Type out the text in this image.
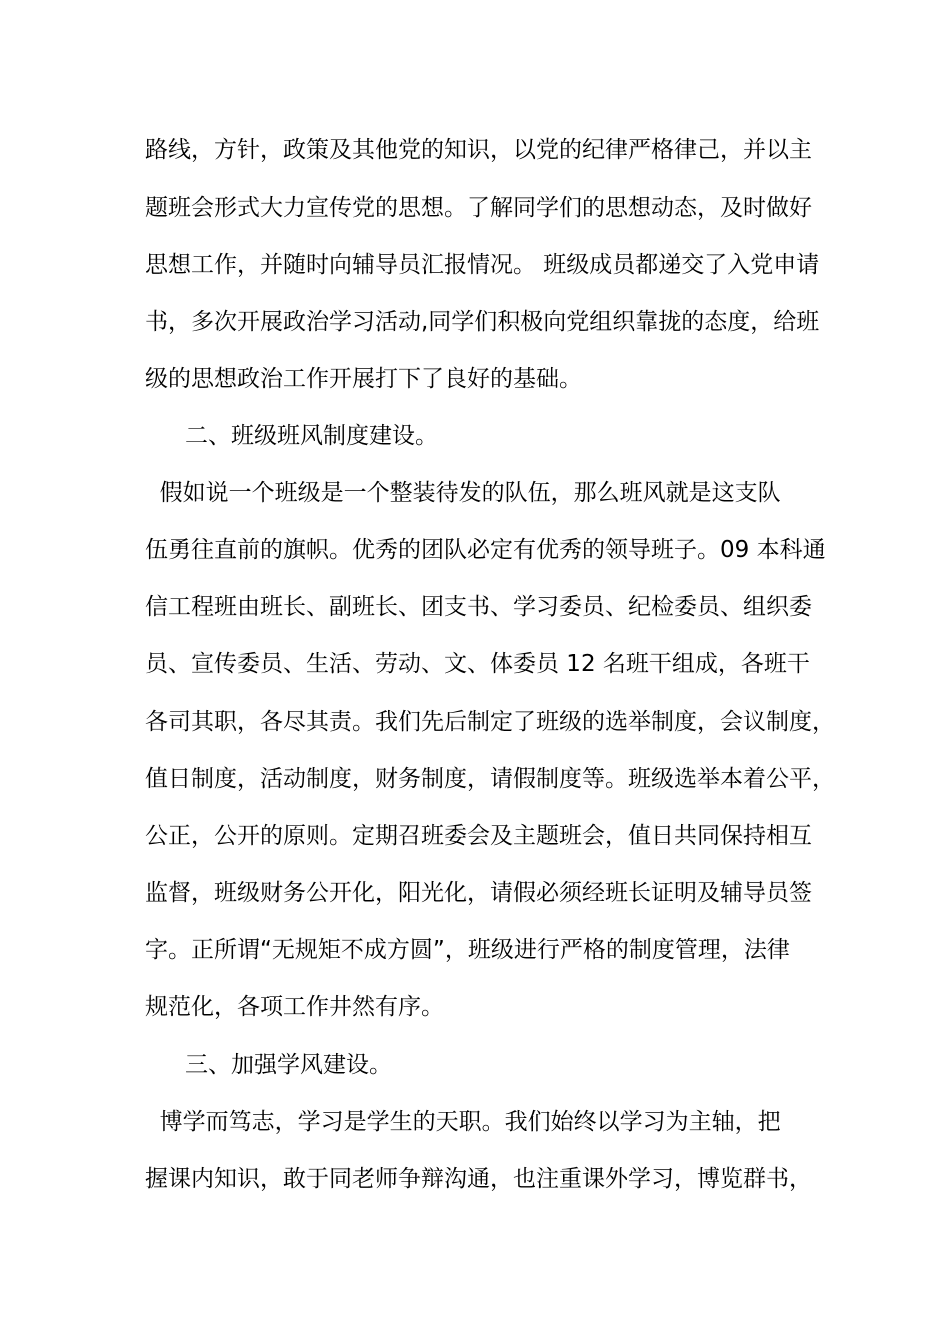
路线，方针，政策及其他党的知识，以党的纪律严格律己，并以主
题班会形式大力宣传党的思想。了解同学们的思想动态，及时做好
思想工作，并随时向辅导员汇报情况。 班级成员都递交了入党申请
书，多次开展政治学习活动,同学们积极向党组织靠拢的态度，给班
级的思想政治工作开展打下了良好的基础。
二、班级班风制度建设。
假如说一个班级是一个整装待发的队伍，那么班风就是这支队
伍勇往直前的旗帜。优秀的团队必定有优秀的领导班子。09 本科通
信工程班由班长、副班长、团支书、学习委员、纪检委员、组织委
员、宣传委员、生活、劳动、文、体委员 12 名班干组成，各班干
各司其职，各尽其责。我们先后制定了班级的选举制度，会议制度，
值日制度，活动制度，财务制度，请假制度等。班级选举本着公平，
公正，公开的原则。定期召班委会及主题班会，值日共同保持相互
监督，班级财务公开化，阳光化，请假必须经班长证明及辅导员签
字。正所谓“无规矩不成方圆”，班级进行严格的制度管理，法律
规范化，各项工作井然有序。
三、加强学风建设。
博学而笃志，学习是学生的天职。我们始终以学习为主轴，把
握课内知识，敢于同老师争辩沟通，也注重课外学习，博览群书，
